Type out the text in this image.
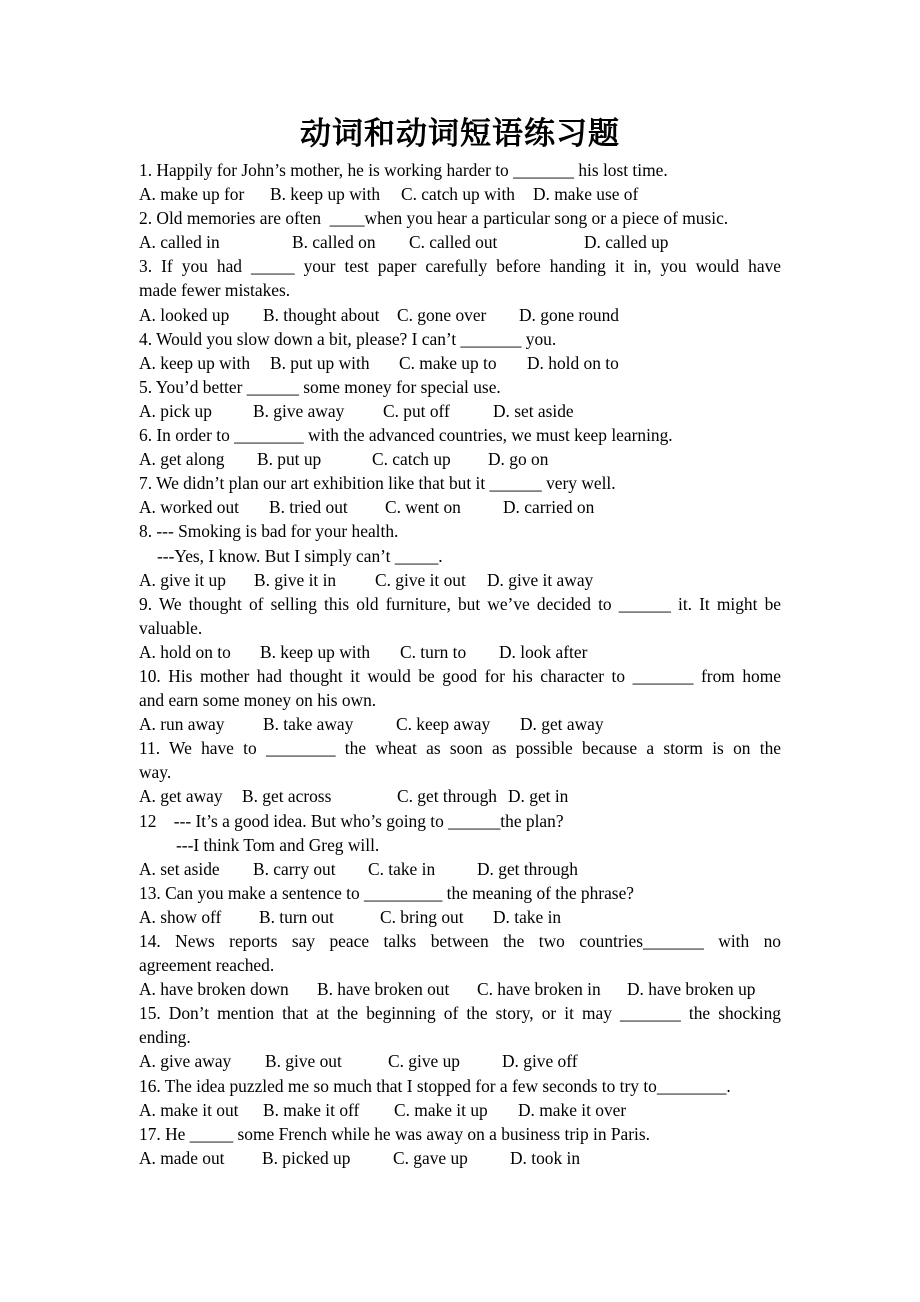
动词和动词短语练习题
1. Happily for John’s mother, he is working harder to _______ his lost time.
A. make up for	B. keep up with	C. catch up with	D. make use of
2. Old memories are often  ____when you hear a particular song or a piece of music.
A. called in	B. called on	C. called out	D. called up
3. If you had _____ your test paper carefully before handing it in, you would have
made fewer mistakes.
A. looked up	B. thought about	C. gone over	D. gone round
4. Would you slow down a bit, please? I can’t _______ you.
A. keep up with	B. put up with	C. make up to	D. hold on to
5. You’d better ______ some money for special use.
A. pick up	B. give away	C. put off	D. set aside
6. In order to ________ with the advanced countries, we must keep learning.
A. get along	B. put up	C. catch up	D. go on
7. We didn’t plan our art exhibition like that but it ______ very well.
A. worked out	B. tried out	C. went on	D. carried on
8. --- Smoking is bad for your health.
---Yes, I know. But I simply can’t _____.
A. give it up	B. give it in	C. give it out	D. give it away
9. We thought of selling this old furniture, but we’ve decided to ______ it. It might be
valuable.
A. hold on to	B. keep up with	C. turn to	D. look after
10. His mother had thought it would be good for his character to _______ from home
and earn some money on his own.
A. run away	B. take away	C. keep away	D. get away
11. We have to ________ the wheat as soon as possible because a storm is on the
way.
A. get away	B. get across	C. get through D. get in
12    --- It’s a good idea. But who’s going to ______the plan?
---I think Tom and Greg will.
A. set aside	B. carry out	C. take in	D. get through
13. Can you make a sentence to _________ the meaning of the phrase?
A. show off	B. turn out	C. bring out	D. take in
14. News reports say peace talks between the two countries_______ with no
agreement reached.
A. have broken down	B. have broken out	C. have broken in	D. have broken up
15. Don’t mention that at the beginning of the story, or it may _______ the shocking
ending.
A. give away	B. give out	C. give up	D. give off
16. The idea puzzled me so much that I stopped for a few seconds to try to________.
A. make it out	B. make it off	C. make it up	D. make it over
17. He _____ some French while he was away on a business trip in Paris.
A. made out	B. picked up	C. gave up	D. took in
